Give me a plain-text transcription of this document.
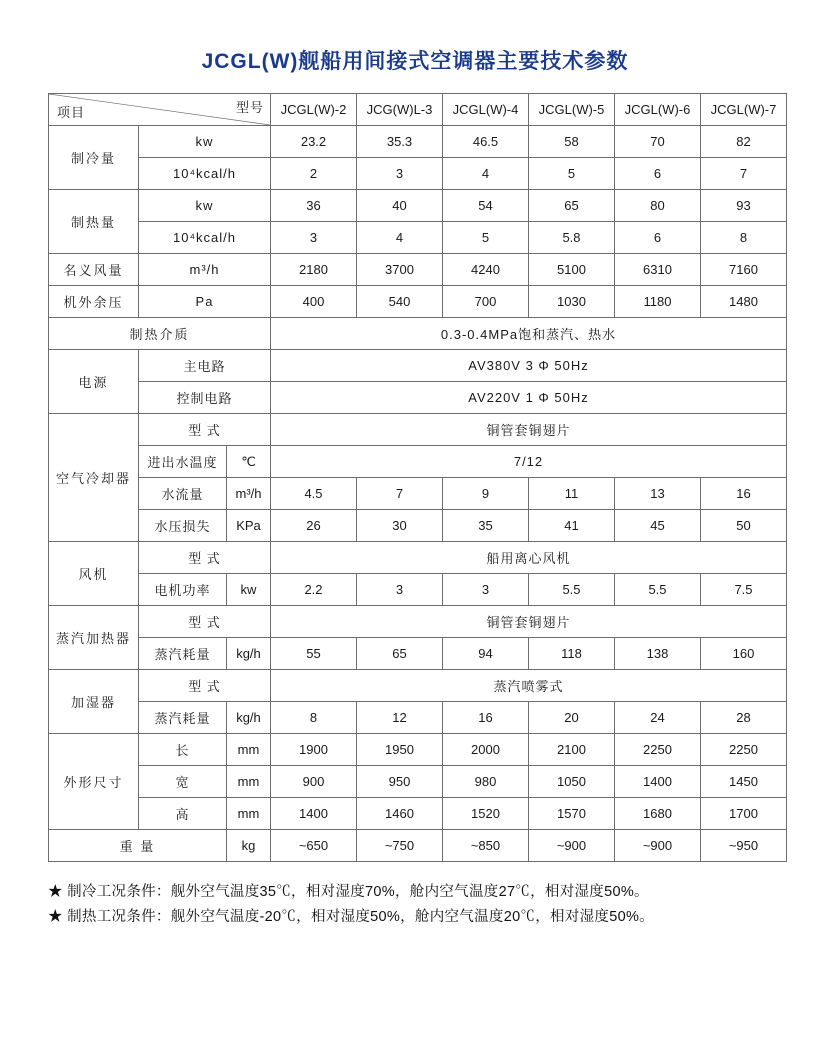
JCGL(W)舰船用间接式空调器主要技术参数
项目 型号			JCGL(W)-2	JCG(W)L-3	JCGL(W)-4	JCGL(W)-5	JCGL(W)-6	JCGL(W)-7
制冷量	kw		23.2	35.3	46.5	58	70	82
	10⁴kcal/h		2	3	4	5	6	7
制热量	kw		36	40	54	65	80	93
	10⁴kcal/h		3	4	5	5.8	6	8
名义风量	m³/h		2180	3700	4240	5100	6310	7160
机外余压	Pa		400	540	700	1030	1180	1480
制热介质			0.3-0.4MPa饱和蒸汽、热水					
电源	主电路		AV380V 3 Φ 50Hz					
	控制电路		AV220V 1 Φ 50Hz					
空气冷却器	型 式		铜管套铜翅片					
	进出水温度	℃	7/12					
	水流量	m³/h	4.5	7	9	11	13	16
	水压损失	KPa	26	30	35	41	45	50
风机	型 式		船用离心风机					
	电机功率	kw	2.2	3	3	5.5	5.5	7.5
蒸汽加热器	型 式		铜管套铜翅片					
	蒸汽耗量	kg/h	55	65	94	118	138	160
加湿器	型 式		蒸汽喷雾式					
	蒸汽耗量	kg/h	8	12	16	20	24	28
外形尺寸	长	mm	1900	1950	2000	2100	2250	2250
	宽	mm	900	950	980	1050	1400	1450
	高	mm	1400	1460	1520	1570	1680	1700
重 量		kg	~650	~750	~850	~900	~900	~950
★ 制冷工况条件：舰外空气温度35℃，相对湿度70%，舱内空气温度27℃，相对湿度50%。
★ 制热工况条件：舰外空气温度-20℃，相对湿度50%，舱内空气温度20℃，相对湿度50%。
